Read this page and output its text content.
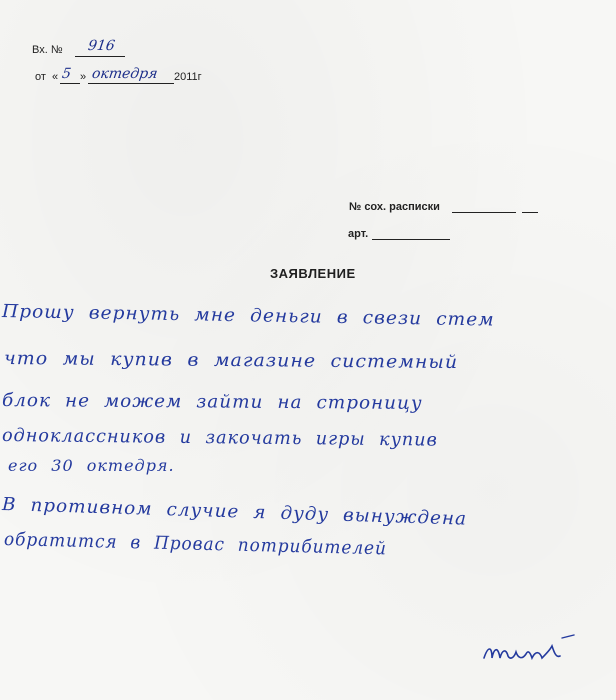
Вх. № 916
от « 5 » октедря 2011г
№ сох. расписки
арт.
ЗАЯВЛЕНИЕ
Прошу вернуть мне деньги в свези стем
что мы купив в магазине системный
блок не можем зайти на строницу
одноклассников и закочать игры купив
его 30 октедря.
В противном случие я дуду вынуждена
обратится в Провас потрибителей
